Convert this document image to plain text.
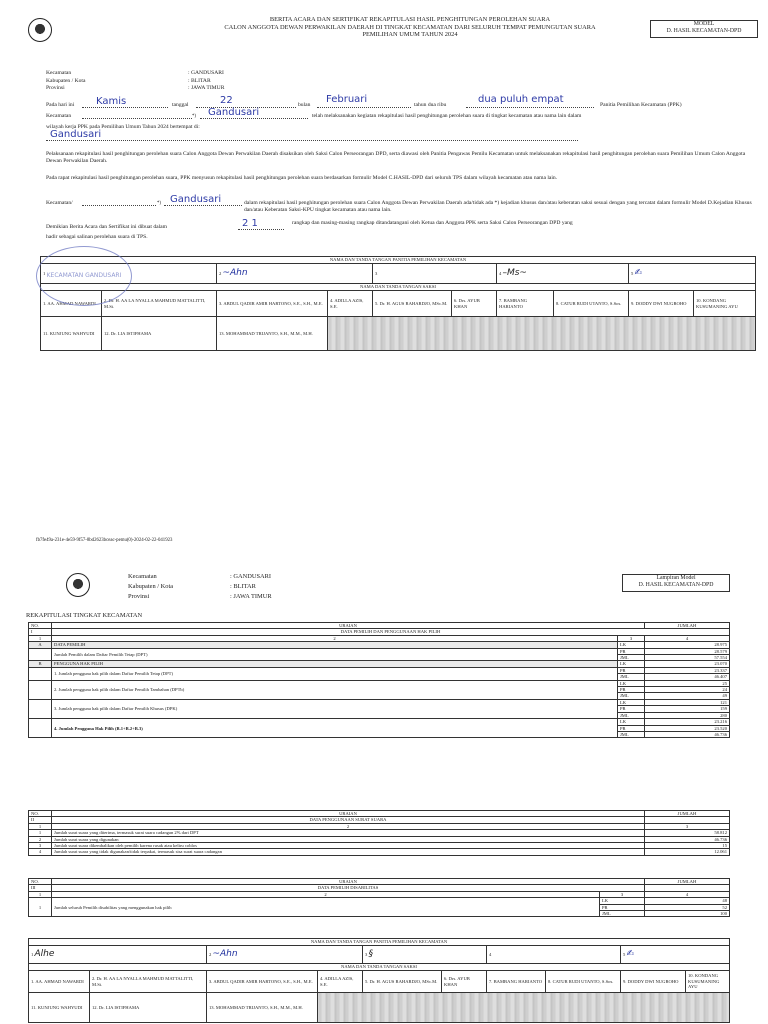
BERITA ACARA DAN SERTIFIKAT REKAPITULASI HASIL PENGHITUNGAN PEROLEHAN SUARA
CALON ANGGOTA DEWAN PERWAKILAN DAERAH DI TINGKAT KECAMATAN DARI SELURUH TEMPAT PEMUNGUTAN SUARA
PEMILIHAN UMUM TAHUN 2024
MODEL
D. HASIL KECAMATAN-DPD
Kecamatan	: GANDUSARI
Kabupaten / Kota	: BLITAR
Provinsi	: JAWA TIMUR
Pada hari ini Kamis	tanggal	22	bulan Februari	tahun dua ribu	dua puluh empat	Panitia Pemilihan Kecamatan (PPK)
Kecamatan	*) Gandusari	telah melaksanakan kegiatan rekapitulasi hasil penghitungan perolehan suara di tingkat kecamatan atau nama lain dalam
wilayah kerja PPK pada Pemilihan Umum Tahun 2024 bertempat di:
Gandusari
Pelaksanaan rekapitulasi hasil penghitungan perolehan suara Calon Anggota Dewan Perwakilan Daerah disaksikan oleh Saksi Calon Perseorangan DPD, serta diawasi oleh Panitia Pengawas Pemilu Kecamatan untuk melaksanakan rekapitulasi hasil penghitungan perolehan suara Pemilihan Umum Calon Anggota Dewan Perwakilan Daerah.
Pada rapat rekapitulasi hasil penghitungan perolehan suara, PPK menyusun rekapitulasi hasil penghitungan perolehan suara berdasarkan formulir Model C.HASIL-DPD dari seluruh TPS dalam wilayah kecamatan atau nama lain.
Kecamatan/	*) Gandusari	dalam rekapitulasi hasil penghitungan perolehan suara Calon Anggota Dewan Perwakilan Daerah ada/tidak ada *) kejadian khusus dan/atau keberatan saksi sesuai dengan yang tercatat dalam formulir Model D.Kejadian Khusus dan/atau Keberatan Saksi-KPU tingkat kecamatan atau nama lain.
Demikian Berita Acara dan Sertifikat ini dibuat dalam	2 1	rangkap dan masing-masing rangkap ditandatangani oleh Ketua dan Anggota PPK serta Saksi Calon Perseorangan DPD yang
hadir sebagai salinan perolehan suara di TPS.
NAMA DAN TANDA TANGAN PANITIA PEMILIHAN KECAMATAN									
1		2 ~Ahn		3		4 –Ms~		5 ✍	
NAMA DAN TANDA TANGAN SAKSI									
1. AA. AHMAD NAWARDI	2. Dr. H. AA LA NYALLA MAHMUD MATTALITTI, M.Si.	3. ABDUL QADIR AMIR HARTONO, S.E., S.H., M.E.	4. ADILLA AZIS, S.E.	5. Dr. H. AGUS RAHARDJO, MSc.M.	6. Drs. AYUB KHAN	7. BAMBANG HARIANTO	8. CATUR RUDI UTANTO, S.Sos.	9. DODDY DWI NUGROHO	10. KONDANG KUSUMANING AYU
11. KUNJUNG WAHYUDI	12. Dr. LIA ISTIFHAMA	13. MOHAMMAD TRIJANTO, S.H., M.M., M.H.							
KECAMATAN GANDUSARI
fb7fe49a-231e-4e59-9f57-8bd2623bceac-pemu(0)-2024-02-22-041923
Kecamatan	: GANDUSARI
Kabupaten / Kota	: BLITAR
Provinsi	: JAWA TIMUR
Lampiran Model
D. HASIL KECAMATAN-DPD
REKAPITULASI TINGKAT KECAMATAN
NO.	URAIAN		JUMLAH
I	DATA PEMILIH DAN PENGGUNAAN HAK PILIH		
1	2	3	4
A	DATA PEMILIH	LK	28.975
	Jumlah Pemilih dalam Daftar Pemilih Tetap (DPT)	PR	28.579
		JML	57.554
B	PENGGUNA HAK PILIH	LK	23.070
	1. Jumlah pengguna hak pilih dalam Daftar Pemilih Tetap (DPT)	PR	23.337
		JML	46.407
	2. Jumlah pengguna hak pilih dalam Daftar Pemilih Tambahan (DPTb)	LK	25
		PR	24
		JML	49
	3. Jumlah pengguna hak pilih dalam Daftar Pemilih Khusus (DPK)	LK	121
		PR	159
		JML	280
	4. Jumlah Pengguna Hak Pilih (B.1+B.2+B.3)	LK	23.216
		PR	23.520
		JML	46.736
NO.	URAIAN	JUMLAH
II	DATA PENGGUNAAN SURAT SUARA	
1	2	3
1	Jumlah surat suara yang diterima, termasuk surat suara cadangan 2% dari DPT	58.812
2	Jumlah surat suara yang digunakan	46.736
3	Jumlah surat suara dikembalikan oleh pemilih karena rusak atau keliru coblos	15
4	Jumlah surat suara yang tidak digunakan/tidak terpakai, termasuk sisa surat suara cadangan	12.061
NO.	URAIAN		JUMLAH
III	DATA PEMILIH DISABILITAS		
1	2	3	4
1	Jumlah seluruh Pemilih disabilitas yang menggunakan hak pilih	LK	48
		PR	52
		JML	100
NAMA DAN TANDA TANGAN PANITIA PEMILIHAN KECAMATAN									
1 Alhe		2 ~Ahn		3 §		4		5 ✍	
NAMA DAN TANDA TANGAN SAKSI									
1. AA. AHMAD NAWARDI	2. Dr. H. AA LA NYALLA MAHMUD MATTALITTI, M.Si.	3. ABDUL QADIR AMIR HARTONO, S.E., S.H., M.E.	4. ADILLA AZIS, S.E.	5. Dr. H. AGUS RAHARDJO, MSc.M.	6. Drs. AYUB KHAN	7. BAMBANG HARIANTO	8. CATUR RUDI UTANTO, S.Sos.	9. DODDY DWI NUGROHO	10. KONDANG KUSUMANING AYU
11. KUNJUNG WAHYUDI	12. Dr. LIA ISTIFHAMA	13. MOHAMMAD TRIJANTO, S.H., M.M., M.H.							
